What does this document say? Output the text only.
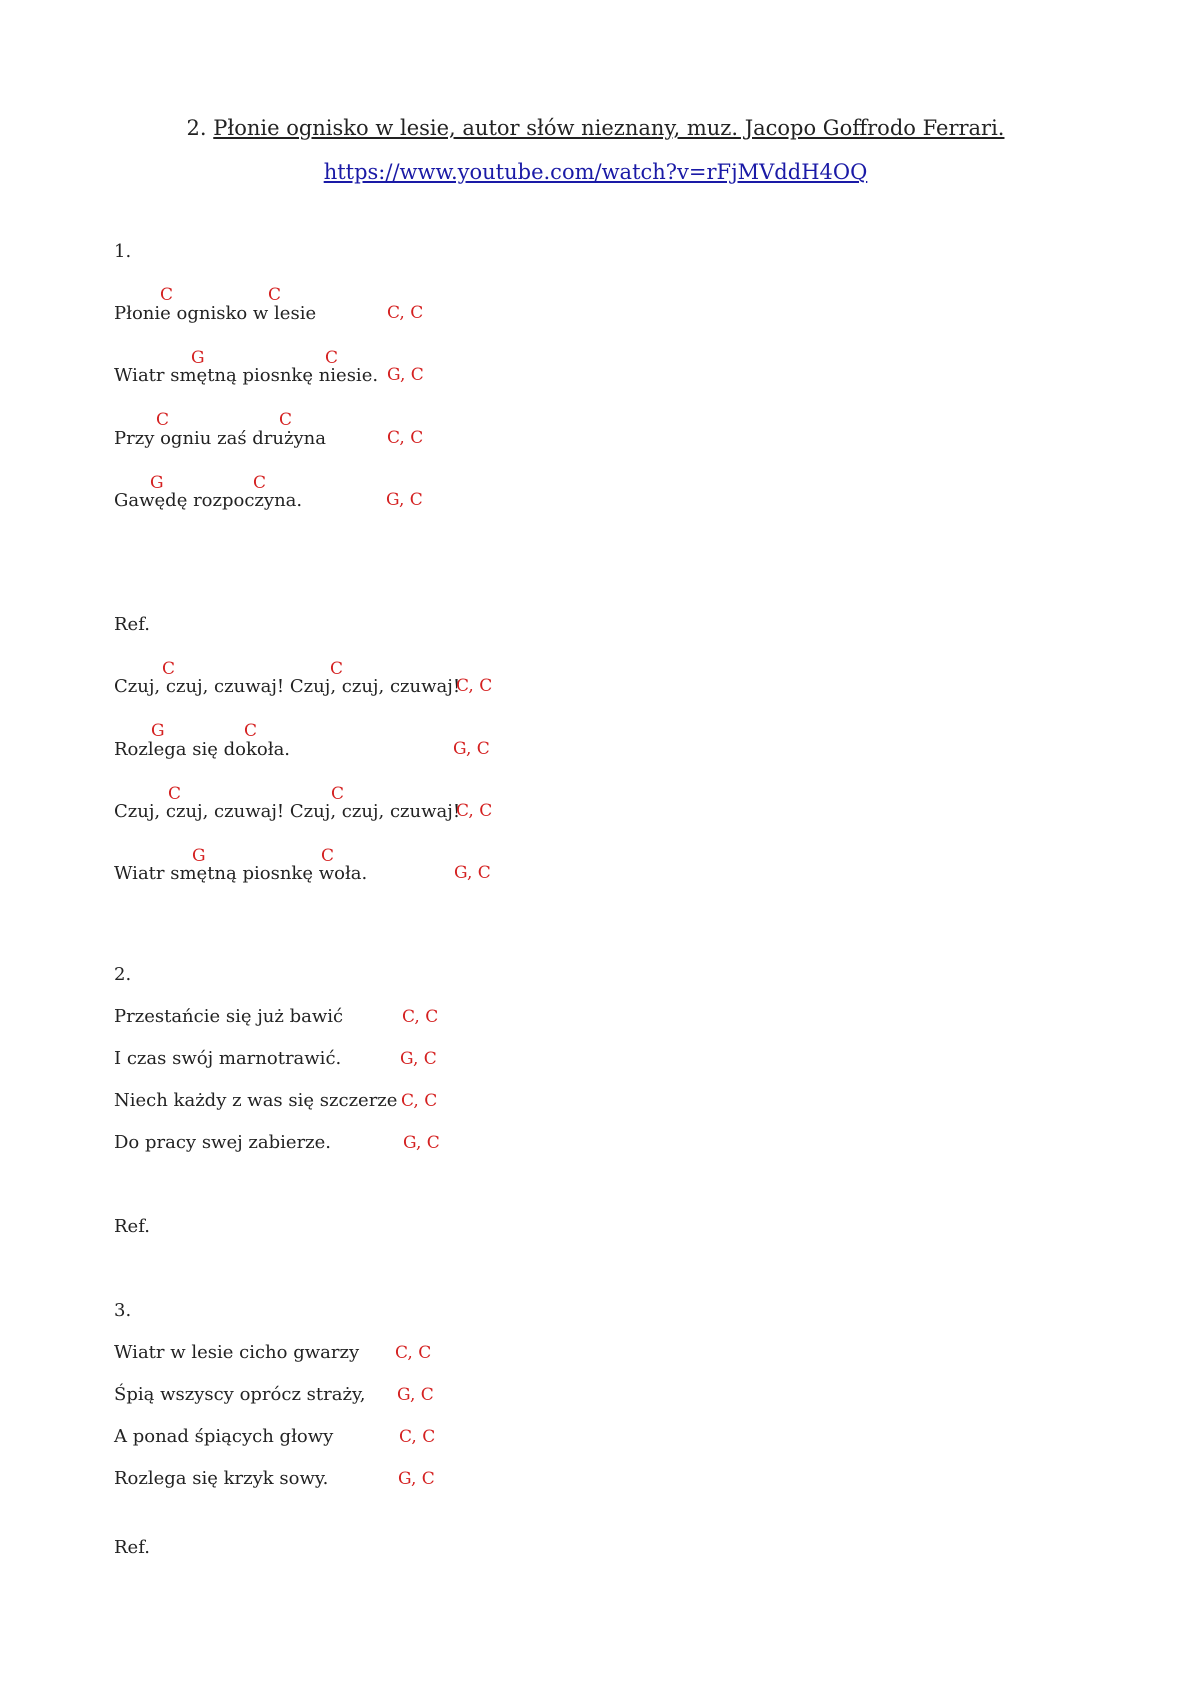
2. Płonie ognisko w lesie, autor słów nieznany, muz. Jacopo Goffrodo Ferrari.
https://www.youtube.com/watch?v=rFjMVddH4OQ
1.
C	C
Płonie ognisko w lesie	C, C
G	C
Wiatr smętną piosnkę niesie. G, C
C	C
Przy ogniu zaś drużyna	C, C
G	C
Gawędę rozpoczyna.	G, C
Ref.
C	C
Czuj, czuj, czuwaj! Czuj, czuj, czuwaj!
C, C
G	C
Rozlega się dokoła.	G, C
C	C
Czuj, czuj, czuwaj! Czuj, czuj, czuwaj!
C, C
G	C
Wiatr smętną piosnkę woła.	G, C
2.
Przestańcie się już bawić	C, C
I czas swój marnotrawić.	G, C
Niech każdy z was się szczerze C, C
Do pracy swej zabierze.	G, C
Ref.
3.
Wiatr w lesie cicho gwarzy C, C
Śpią wszyscy oprócz straży, G, C
A ponad śpiących głowy	C, C
Rozlega się krzyk sowy.	G, C
Ref.
